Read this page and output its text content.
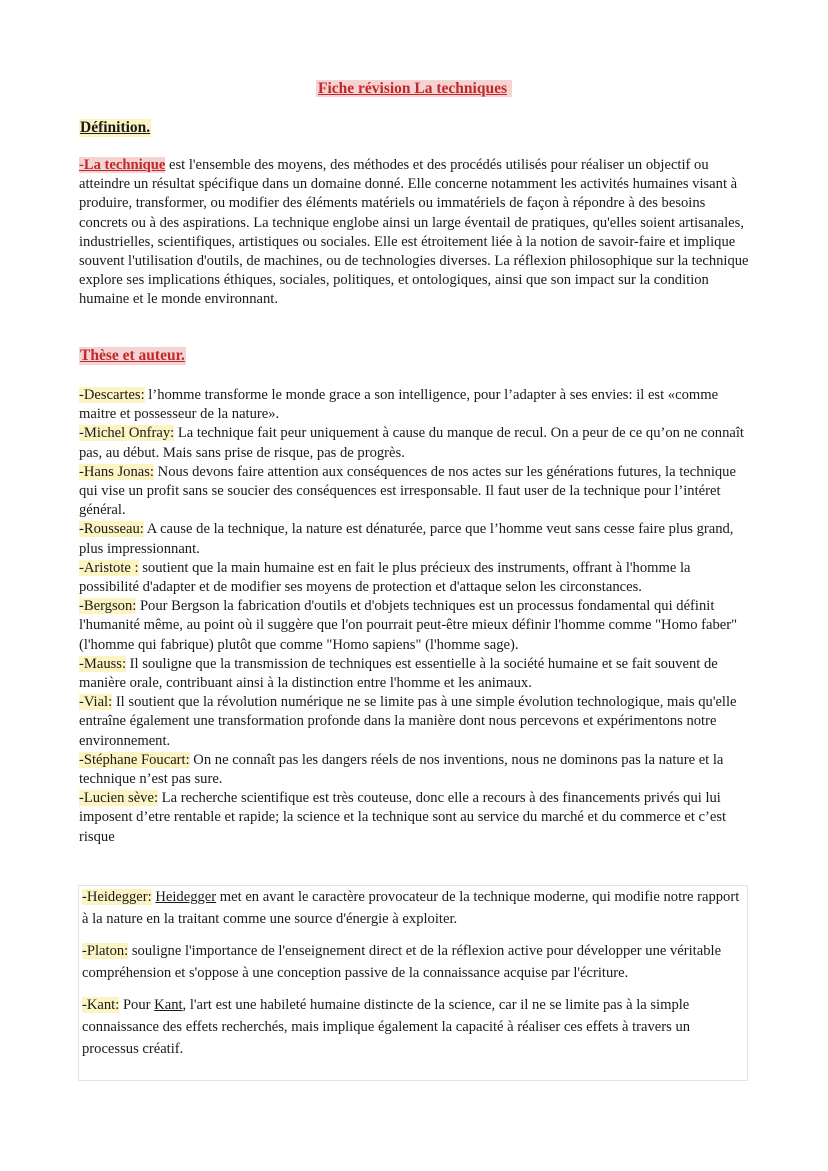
Fiche révision La techniques
Définition.

-La technique est l'ensemble des moyens, des méthodes et des procédés utilisés pour réaliser un objectif ou atteindre un résultat spécifique dans un domaine donné. Elle concerne notamment les activités humaines visant à produire, transformer, ou modifier des éléments matériels ou immatériels de façon à répondre à des besoins concrets ou à des aspirations. La technique englobe ainsi un large éventail de pratiques, qu'elles soient artisanales, industrielles, scientifiques, artistiques ou sociales. Elle est étroitement liée à la notion de savoir-faire et implique souvent l'utilisation d'outils, de machines, ou de technologies diverses. La réflexion philosophique sur la technique explore ses implications éthiques, sociales, politiques, et ontologiques, ainsi que son impact sur la condition humaine et le monde environnant.

Thèse et auteur.

-Descartes: l’homme transforme le monde grace a son intelligence, pour l’adapter à ses envies: il est «comme maitre et possesseur de la nature».

-Michel Onfray: La technique fait peur uniquement à cause du manque de recul. On a peur de ce qu’on ne connaît pas, au début. Mais sans prise de risque, pas de progrès.

-Hans Jonas: Nous devons faire attention aux conséquences de nos actes sur les générations futures, la technique qui vise un profit sans se soucier des conséquences est irresponsable. Il faut user de la technique pour l’intéret général.

-Rousseau: A cause de la technique, la nature est dénaturée, parce que l’homme veut sans cesse faire plus grand, plus impressionnant.

-Aristote : soutient que la main humaine est en fait le plus précieux des instruments, offrant à l'homme la possibilité d'adapter et de modifier ses moyens de protection et d'attaque selon les circonstances.

-Bergson: Pour Bergson la fabrication d'outils et d'objets techniques est un processus fondamental qui définit l'humanité même, au point où il suggère que l'on pourrait peut-être mieux définir l'homme comme "Homo faber" (l'homme qui fabrique) plutôt que comme "Homo sapiens" (l'homme sage).

-Mauss: Il souligne que la transmission de techniques est essentielle à la société humaine et se fait souvent de manière orale, contribuant ainsi à la distinction entre l'homme et les animaux.

-Vial: Il soutient que la révolution numérique ne se limite pas à une simple évolution technologique, mais qu'elle entraîne également une transformation profonde dans la manière dont nous percevons et expérimentons notre environnement.

-Stéphane Foucart: On ne connaît pas les dangers réels de nos inventions, nous ne dominons pas la nature et la technique n’est pas sure.

-Lucien sève: La recherche scientifique est très couteuse, donc elle a recours à des financements privés qui lui imposent d’etre rentable et rapide; la science et la technique sont au service du marché et du commerce et c’est risque

-Heidegger: Heidegger met en avant le caractère provocateur de la technique moderne, qui modifie notre rapport à la nature en la traitant comme une source d'énergie à exploiter.

-Platon: souligne l'importance de l'enseignement direct et de la réflexion active pour développer une véritable compréhension et s'oppose à une conception passive de la connaissance acquise par l'écriture.

-Kant: Pour Kant, l'art est une habileté humaine distincte de la science, car il ne se limite pas à la simple connaissance des effets recherchés, mais implique également la capacité à réaliser ces effets à travers un processus créatif.
